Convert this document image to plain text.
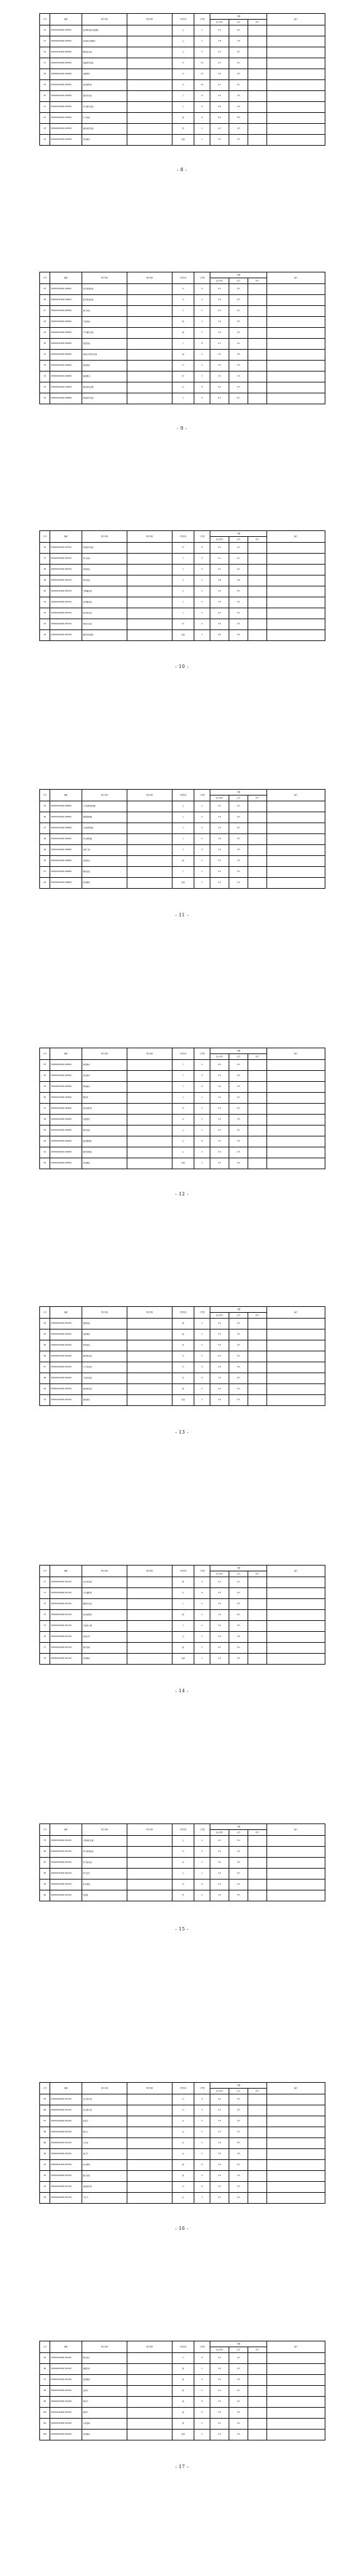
序号	编码	项目名称	项目特征	计量单位	工程量	金额			备注
						综合单价	合价	其中	
14	030202010002-030501	低压配电箱安装调试		台	1	2.5	2.5		
15	030202010002-030501	控制箱安装调试		台	1	7.8	7.8		
16	030202010002-030502	配电柜安装		台	5	5.2	5.2		
17	030202010002-030502	电缆桥架安装		m	13	4.2	4.2		
18	030202010002-030502	电缆敷设		m	13	4.5	4.5		
19	030202010002-030503	电线管敷设		m	12	4.1	4.1		
20	030202010002-030503	接线盒安装		个	8	4.5	4.5		
21	030202010002-030504	开关插座安装		个	6	3.6	3.6		
22	030202010002-030504	灯具安装		套	8	8.9	8.9		
23	030202010002-030505	接地装置安装		项	1	2.5	2.5		
24	030202010002-030505	系统调试		系统	1	3.3	3.3		
- 8 -
序号	编码	项目名称	项目特征	计量单位	工程量	金额			备注
						综合单价	合价	其中	
25	030202010002-030601	给水管道安装		m	8	4.2	4.2		
26	030202010002-030601	排水管道安装		m	4	4.5	4.5		
27	030202010002-030602	阀门安装		个	2	4.2	4.2		
28	030202010002-030602	水表安装		组	4	4.5	4.5		
29	030202010002-030603	卫生器具安装		套	1	2.5	2.5		
30	030202010002-030603	地漏安装		个	8	2.1	2.1		
31	030202010002-030604	管道支架制作安装		kg	2	3.5	3.5		
32	030202010002-030604	管道保温		m	1	3.5	3.5		
33	030202010002-030605	管道刷油		m²	1	2.5	2.5		
34	030202010002-030605	管道冲洗消毒		m	5	4.3	4.3		
35	030202010002-030606	套管制作安装		个	6	8.1	8.1		
- 9 -
序号	编码	项目名称	项目特征	计量单位	工程量	金额			备注
						综合单价	合价	其中	
36	030202010002-030701	风管制作安装		m²	6	4.2	4.2		
37	030202010002-030701	风口安装		个	4	2.1	2.1		
38	030202010002-030702	风阀安装		个	2	4.2	4.2		
39	030202010002-030702	风机安装		台	1	2.8	2.8		
40	030202010002-030703	空调器安装		台	2	3.5	3.5		
41	030202010002-030703	消声器安装		个	4	3.5	3.5		
42	030202010002-030704	静压箱安装		个	1	4.2	4.2		
43	030202010002-030704	软接头安装		m²	3	2.5	2.5		
44	030202010002-030705	通风系统调试		系统	1	4.5	4.5		
- 10 -
序号	编码	项目名称	项目特征	计量单位	工程量	金额			备注
						综合单价	合价	其中	
45	030202010002-030801	火灾报警控制器		台	1	4.2	4.2		
46	030202010002-030801	感烟探测器		个	2	2.5	2.5		
47	030202010002-030802	手动报警按钮		个	4	4.2	4.2		
48	030202010002-030802	声光报警器		个	2	3.5	3.5		
49	030202010002-030803	消防广播		个	5	2.5	2.5		
50	030202010002-030803	消防电话		部	3	3.5	3.5		
51	030202010002-030804	模块安装		个	1	4.2	4.2		
52	030202010002-030804	系统调试		系统	1	2.5	2.5		
- 11 -
序号	编码	项目名称	项目特征	计量单位	工程量	金额			备注
						综合单价	合价	其中	
53	030202010002-030901	电视插座		个	4	4.2	4.2		
54	030202010002-030901	电话插座		个	4	2.5	2.5		
55	030202010002-030902	网络插座		个	8	3.5	3.5		
56	030202010002-030902	配线架		个	1	4.2	4.2		
57	030202010002-030903	双绞线敷设		m	2	2.5	2.5		
58	030202010002-030903	光缆敷设		m	1	3.5	3.5		
59	030202010002-030904	机柜安装		台	1	4.2	4.2		
60	030202010002-030904	监控摄像机		台	8	3.5	3.5		
61	030202010002-030905	硬盘录像机		台	1	2.5	2.5		
62	030202010002-030905	系统调试		系统	1	4.5	4.5		
- 12 -
序号	编码	项目名称	项目特征	计量单位	工程量	金额			备注
						综合单价	合价	其中	
63	030202010002-031001	电梯安装		部	1	4.2	4.2		
64	030202010002-031001	电梯调试		部	1	2.5	2.5		
65	030202010002-031002	防雷接地		项	1	3.5	3.5		
66	030202010002-031002	避雷网安装		m	2	4.2	4.2		
67	030202010002-031003	引下线安装		m	4	2.5	2.5		
68	030202010002-031003	等电位连接		处	6	3.5	3.5		
69	030202010002-031004	接地极安装		根	4	4.2	4.2		
70	030202010002-031004	接地测试		系统	1	2.5	2.5		
- 13 -
序号	编码	项目名称	项目特征	计量单位	工程量	金额			备注
						综合单价	合价	其中	
71	030202010002-031101	消火栓安装		套	4	4.2	4.2		
72	030202010002-031101	灭火器配置		具	8	2.5	2.5		
73	030202010002-031102	喷淋头安装		个	2	3.5	3.5		
74	030202010002-031102	湿式报警阀		组	1	4.2	4.2		
75	030202010002-031103	水流指示器		个	2	2.5	2.5		
76	030202010002-031103	消防水泵		台	2	3.5	3.5		
77	030202010002-031104	稳压设备		套	1	4.2	4.2		
78	030202010002-031104	系统调试		系统	1	2.5	2.5		
- 14 -
序号	编码	项目名称	项目特征	计量单位	工程量	金额			备注
						综合单价	合价	其中	
79	030202010002-031201	太阳能热水器		台	1	4.2	4.2		
80	030202010002-031201	燃气管道安装		m	2	2.5	2.5		
81	030202010002-031202	燃气表安装		块	1	3.5	3.5		
82	030202010002-031202	燃气灶具		台	1	4.2	4.2		
83	030202010002-031203	热水管道		m	6	2.5	2.5		
84	030202010002-031203	保温层		m³	1	3.5	3.5		
- 15 -
序号	编码	项目名称	项目特征	计量单位	工程量	金额			备注
						综合单价	合价	其中	
85	030202010002-031301	室外给水管		m	4	4.2	4.2		
86	030202010002-031301	室外排水管		m	5	2.5	2.5		
87	030202010002-031302	检查井		座	3	3.5	3.5		
88	030202010002-031302	雨水口		座	2	4.2	4.2		
89	030202010002-031303	化粪池		座	1	2.5	2.5		
90	030202010002-031303	阀门井		座	2	3.5	3.5		
91	030202010002-031304	室外照明		套	6	4.2	4.2		
92	030202010002-031304	路灯安装		套	4	2.5	2.5		
93	030202010002-031305	电缆保护管		m	8	3.5	3.5		
94	030202010002-031305	手孔井		座	3	4.2	4.2		
- 16 -
序号	编码	项目名称	项目特征	计量单位	工程量	金额			备注
						综合单价	合价	其中	
95	030202010002-031401	绿化给水		m	4	4.2	4.2		
96	030202010002-031401	喷灌系统		套	1	2.5	2.5		
97	030202010002-031402	景观照明		套	6	3.5	3.5		
98	030202010002-031402	庭院灯		套	4	4.2	4.2		
99	030202010002-031403	草坪灯		套	8	2.5	2.5		
100	030202010002-031403	地埋灯		套	6	3.5	3.5		
101	030202010002-031404	水景设备		套	1	4.2	4.2		
102	030202010002-031404	系统调试		系统	1	2.5	2.5		
- 17 -
